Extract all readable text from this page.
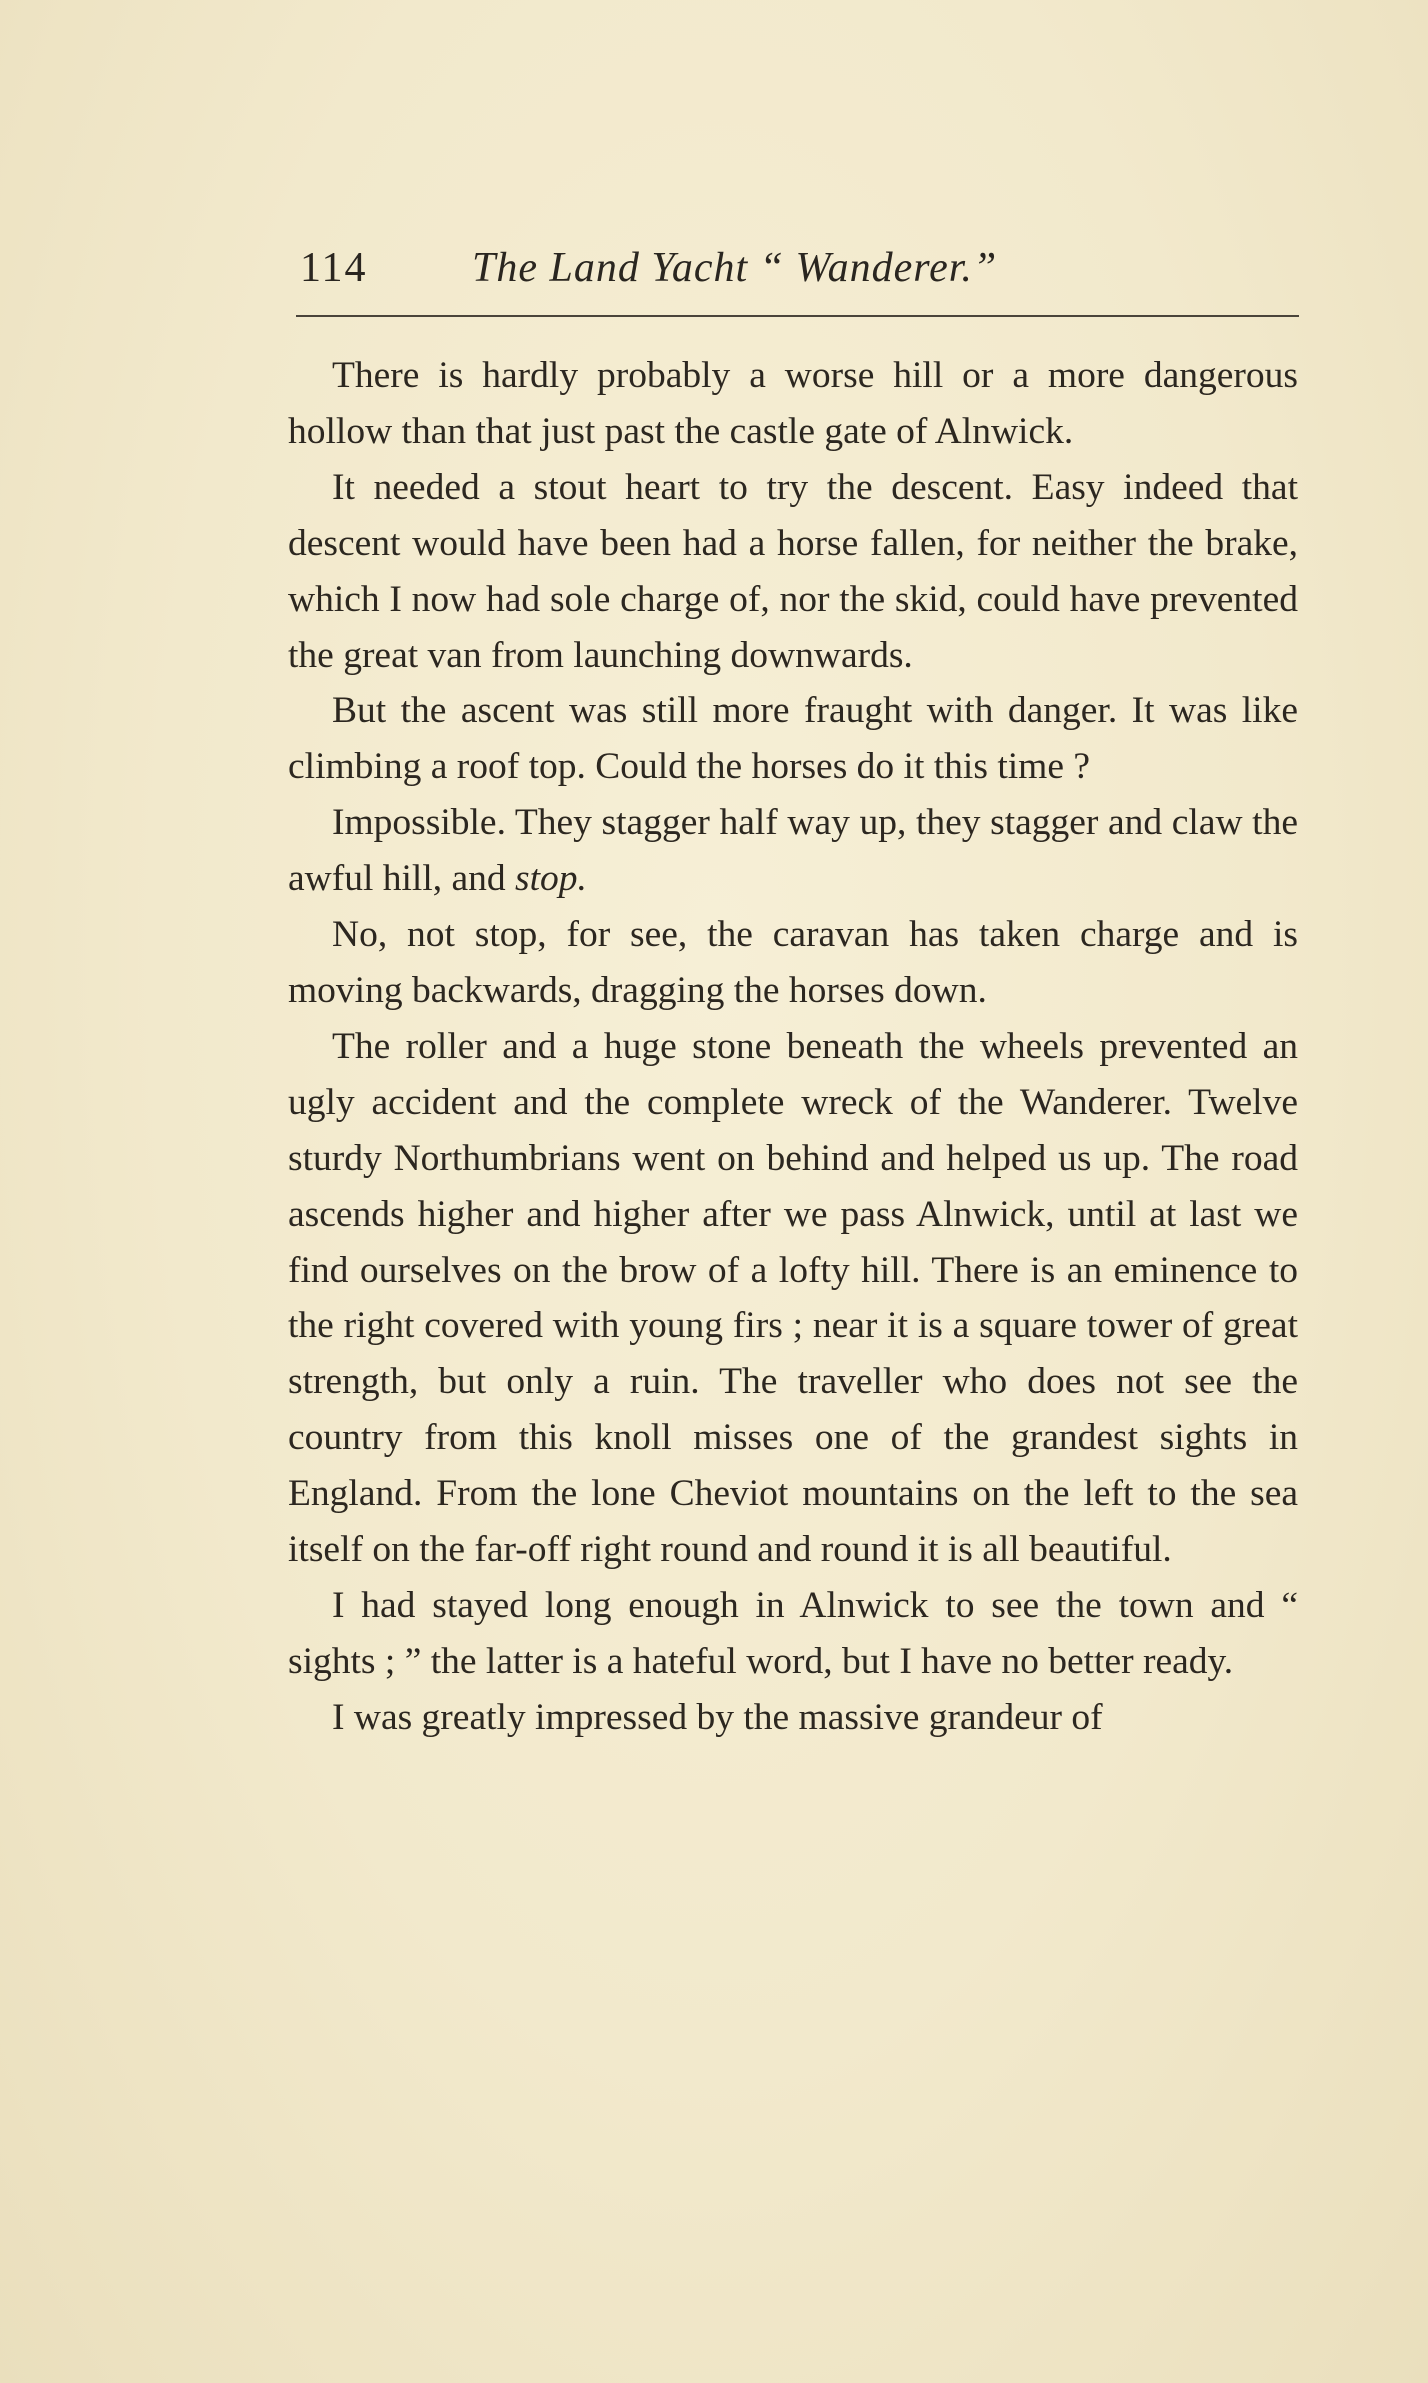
114 The Land Yacht “ Wanderer.”

There is hardly probably a worse hill or a more dangerous hollow than that just past the castle gate of Alnwick.

It needed a stout heart to try the descent. Easy indeed that descent would have been had a horse fallen, for neither the brake, which I now had sole charge of, nor the skid, could have prevented the great van from launching downwards.

But the ascent was still more fraught with danger. It was like climbing a roof top. Could the horses do it this time ?

Impossible. They stagger half way up, they stagger and claw the awful hill, and stop.

No, not stop, for see, the caravan has taken charge and is moving backwards, dragging the horses down.

The roller and a huge stone beneath the wheels prevented an ugly accident and the complete wreck of the Wanderer. Twelve sturdy Northumbrians went on behind and helped us up. The road ascends higher and higher after we pass Alnwick, until at last we find ourselves on the brow of a lofty hill. There is an eminence to the right covered with young firs ; near it is a square tower of great strength, but only a ruin. The traveller who does not see the country from this knoll misses one of the grandest sights in England. From the lone Cheviot mountains on the left to the sea itself on the far-off right round and round it is all beautiful.

I had stayed long enough in Alnwick to see the town and “ sights ; ” the latter is a hateful word, but I have no better ready.

I was greatly impressed by the massive grandeur of
